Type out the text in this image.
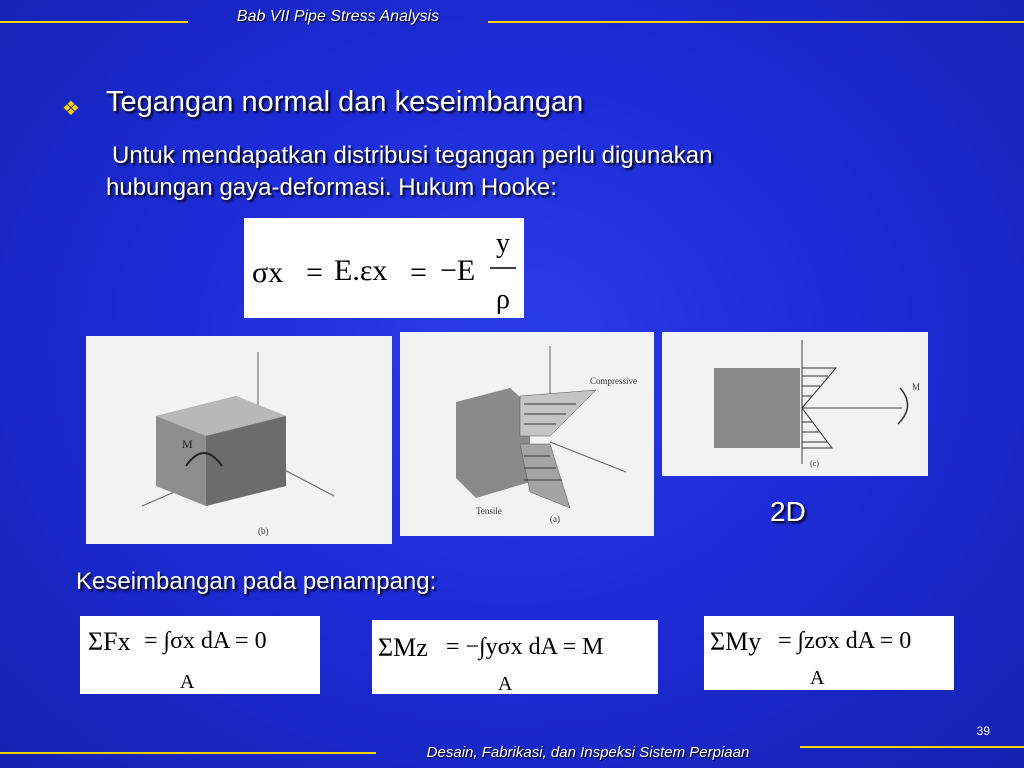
Bab VII Pipe Stress Analysis
❖ Tegangan normal dan keseimbangan
Untuk mendapatkan distribusi tegangan perlu digunakan
hubungan gaya-deformasi. Hukum Hooke:
σx = E.εx = −E
y
ρ
M
(b)
Compressive
Tensile
(a)
M
(c)
2D
Keseimbangan pada penampang:
ΣFx = ∫σx dA = 0
A
ΣMz = −∫yσx dA = M
A
ΣMy = ∫zσx dA = 0
A
39
Desain, Fabrikasi, dan Inspeksi Sistem Perpiaan
